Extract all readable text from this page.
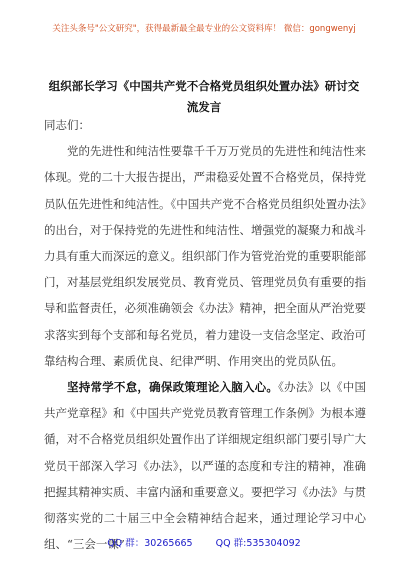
关注头条号"公文研究"，获得最新最全最专业的公文资料库！ 微信：gongwenyj
组织部长学习《中国共产党不合格党员组织处置办法》研讨交流发言

同志们：

党的先进性和纯洁性要靠千千万万党员的先进性和纯洁性来体现。党的二十大报告提出，严肃稳妥处置不合格党员，保持党员队伍先进性和纯洁性。《中国共产党不合格党员组织处置办法》的出台，对于保持党的先进性和纯洁性、增强党的凝聚力和战斗力具有重大而深远的意义。组织部门作为管党治党的重要职能部门，对基层党组织发展党员、教育党员、管理党员负有重要的指导和监督责任，必须准确领会《办法》精神，把全面从严治党要求落实到每个支部和每名党员，着力建设一支信念坚定、政治可靠结构合理、素质优良、纪律严明、作用突出的党员队伍。

坚持常学不怠，确保政策理论入脑入心。《办法》以《中国共产党章程》和《中国共产党党员教育管理工作条例》为根本遵循，对不合格党员组织处置作出了详细规定组织部门要引导广大党员干部深入学习《办法》，以严谨的态度和专注的精神，准确把握其精神实质、丰富内涵和重要意义。要把学习《办法》与贯彻落实党的二十届三中全会精神结合起来，通过理论学习中心组、“三会一课”

QQ 群：30265665 QQ 群:535304092
